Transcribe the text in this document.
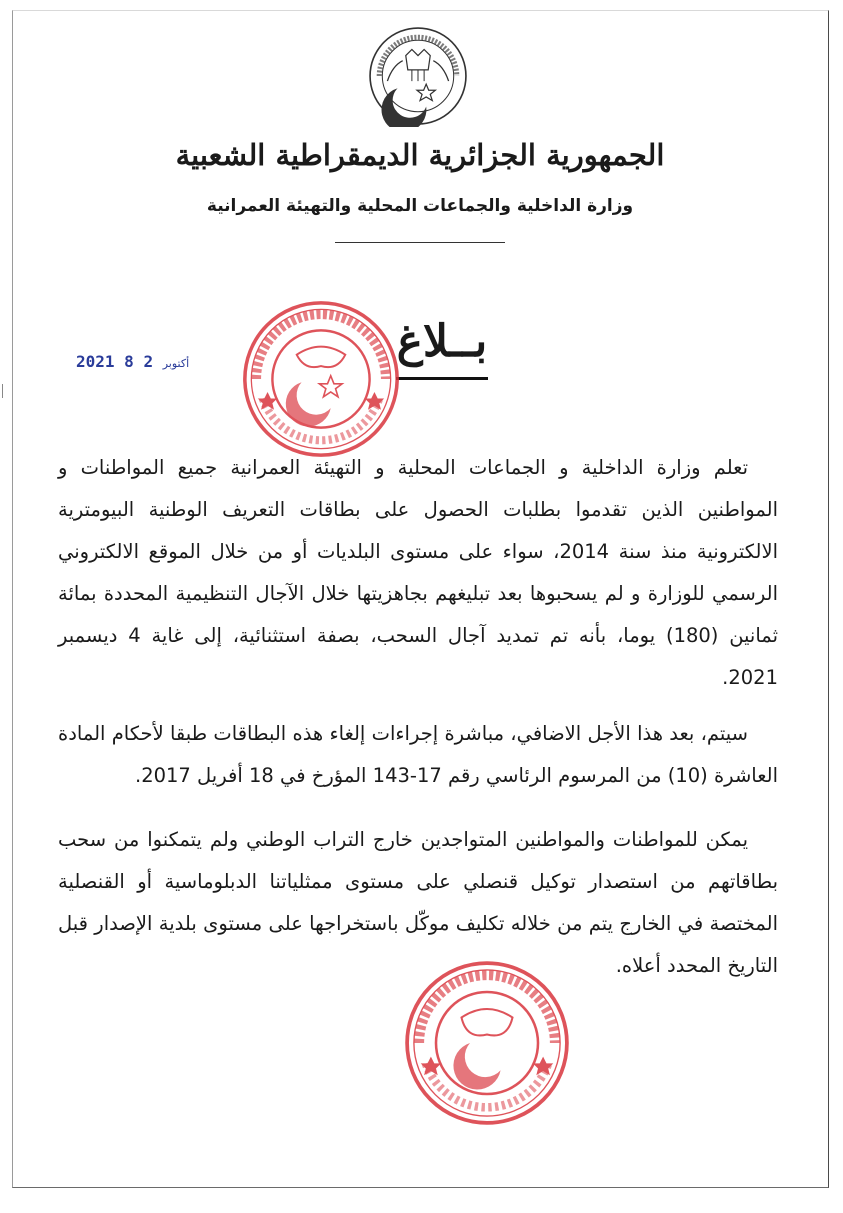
الجمهورية الجزائرية الديمقراطية الشعبية
وزارة الداخلية والجماعات المحلية والتهيئة العمرانية
2021	أكتوبر 2 8	بــلاغ
تعلم وزارة الداخلية و الجماعات المحلية و التهيئة العمرانية جميع المواطنات و المواطنين الذين تقدموا بطلبات الحصول على بطاقات التعريف الوطنية البيومترية الالكترونية منذ سنة 2014، سواء على مستوى البلديات أو من خلال الموقع الالكتروني الرسمي للوزارة و لم يسحبوها بعد تبليغهم بجاهزيتها خلال الآجال التنظيمية المحددة بمائة ثمانين (180) يوما، بأنه تم تمديد آجال السحب، بصفة استثنائية، إلى غاية 4 ديسمبر 2021.
سيتم، بعد هذا الأجل الاضافي، مباشرة إجراءات إلغاء هذه البطاقات طبقا لأحكام المادة العاشرة (10) من المرسوم الرئاسي رقم 17-143 المؤرخ في 18 أفريل 2017.
يمكن للمواطنات والمواطنين المتواجدين خارج التراب الوطني ولم يتمكنوا من سحب بطاقاتهم من استصدار توكيل قنصلي على مستوى ممثلياتنا الدبلوماسية أو القنصلية المختصة في الخارج يتم من خلاله تكليف موكّل باستخراجها على مستوى بلدية الإصدار قبل التاريخ المحدد أعلاه.
